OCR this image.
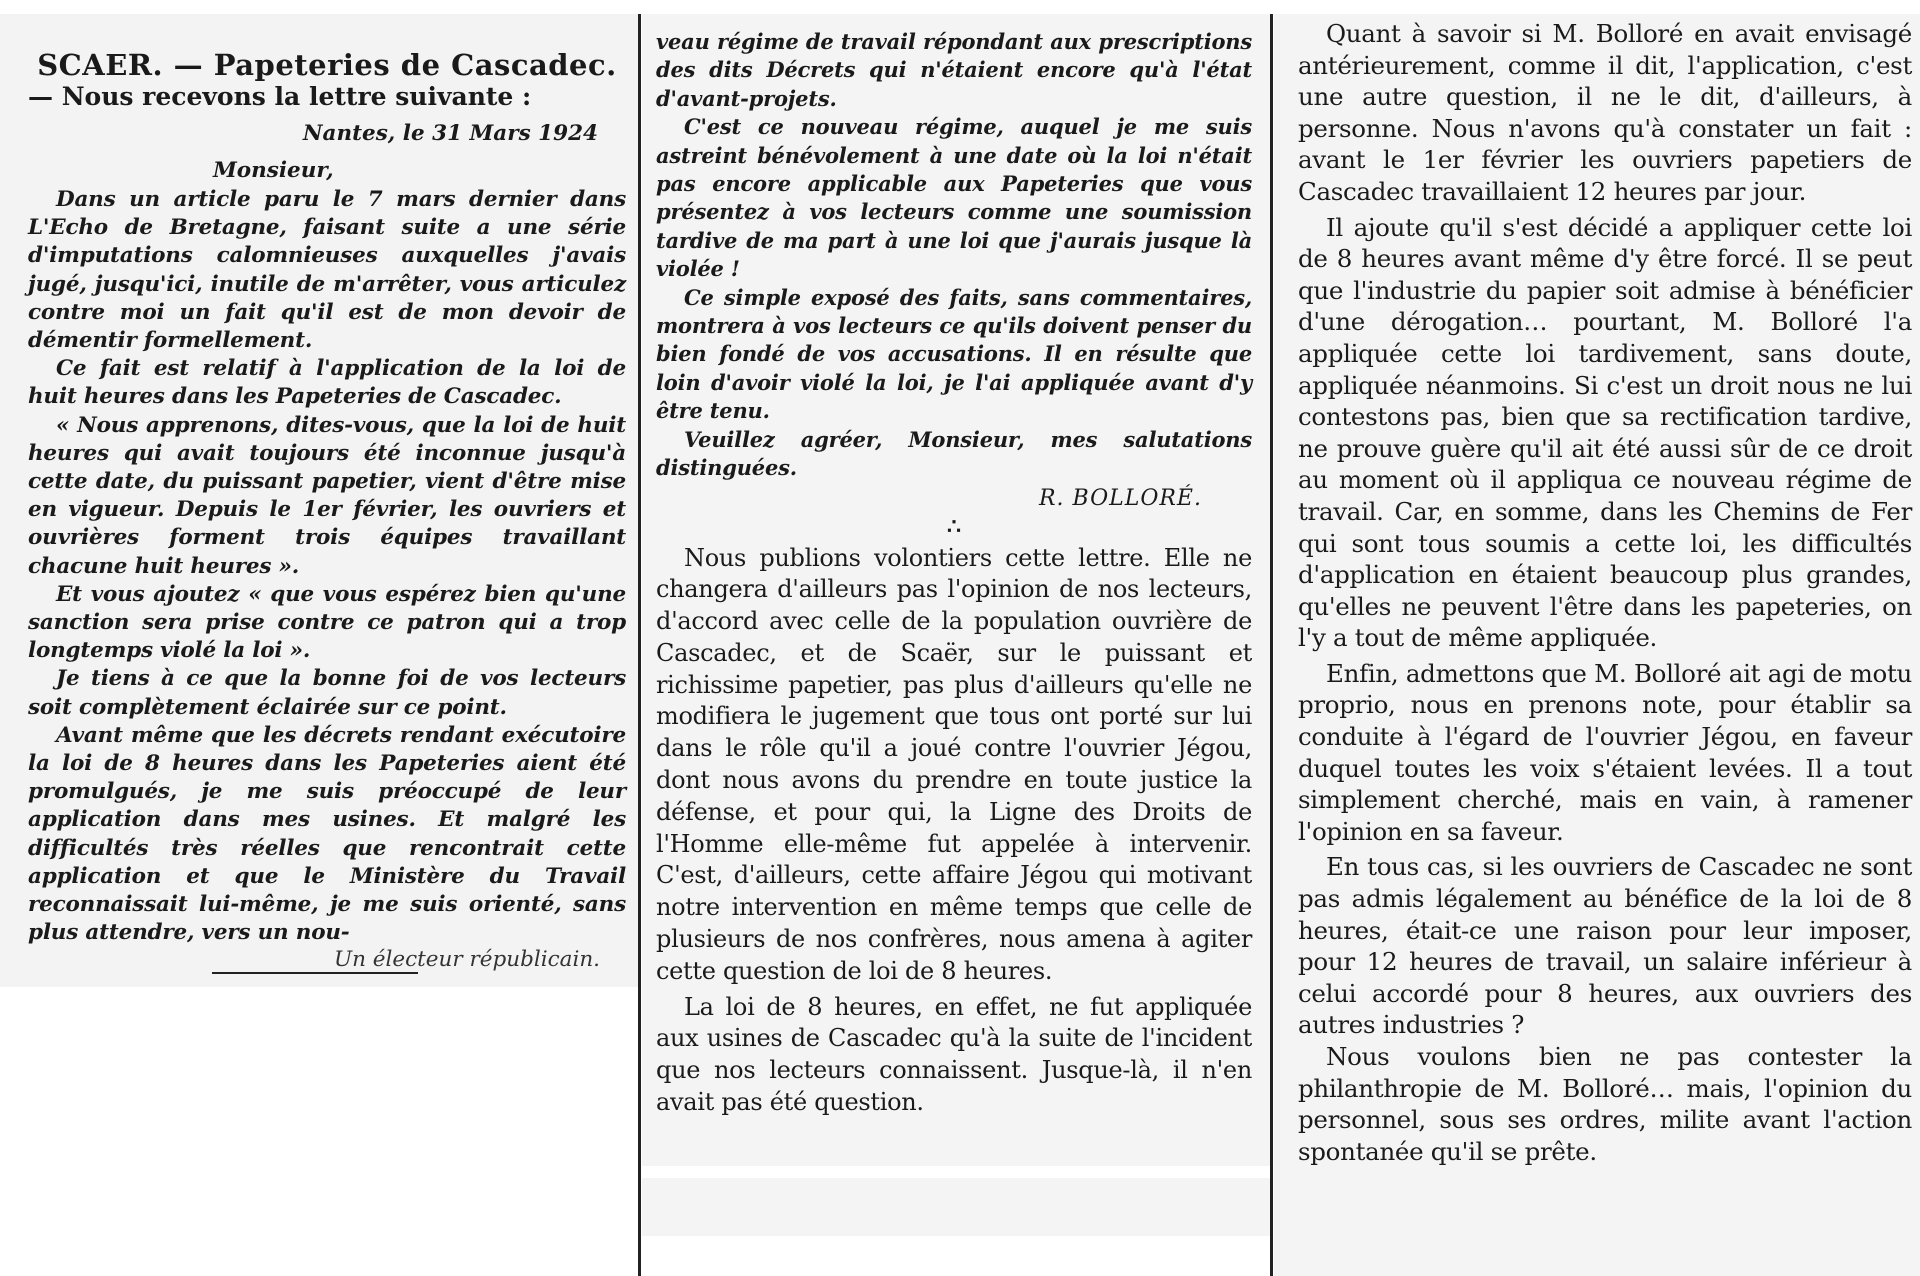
SCAER. — Papeteries de Cascadec.
— Nous recevons la lettre suivante :
Nantes, le 31 Mars 1924
Monsieur,

Dans un article paru le 7 mars dernier dans L'Echo de Bretagne, faisant suite a une série d'imputations calomnieuses auxquelles j'avais jugé, jusqu'ici, inutile de m'arrêter, vous articulez contre moi un fait qu'il est de mon devoir de démentir formellement.

Ce fait est relatif à l'application de la loi de huit heures dans les Papeteries de Cascadec.

« Nous apprenons, dites-vous, que la loi de huit heures qui avait toujours été inconnue jusqu'à cette date, du puissant papetier, vient d'être mise en vigueur. Depuis le 1er février, les ouvriers et ouvrières forment trois équipes travaillant chacune huit heures ».

Et vous ajoutez « que vous espérez bien qu'une sanction sera prise contre ce patron qui a trop longtemps violé la loi ».

Je tiens à ce que la bonne foi de vos lecteurs soit complètement éclairée sur ce point.

Avant même que les décrets rendant exécutoire la loi de 8 heures dans les Papeteries aient été promulgués, je me suis préoccupé de leur application dans mes usines. Et malgré les difficultés très réelles que rencontrait cette application et que le Ministère du Travail reconnaissait lui-même, je me suis orienté, sans plus attendre, vers un nou-

Un électeur républicain.

veau régime de travail répondant aux prescriptions des dits Décrets qui n'étaient encore qu'à l'état d'avant-projets.

C'est ce nouveau régime, auquel je me suis astreint bénévolement à une date où la loi n'était pas encore applicable aux Papeteries que vous présentez à vos lecteurs comme une soumission tardive de ma part à une loi que j'aurais jusque là violée !

Ce simple exposé des faits, sans commentaires, montrera à vos lecteurs ce qu'ils doivent penser du bien fondé de vos accusations. Il en résulte que loin d'avoir violé la loi, je l'ai appliquée avant d'y être tenu.

Veuillez agréer, Monsieur, mes salutations distinguées.

R. BOLLORÉ.
∴

Nous publions volontiers cette lettre. Elle ne changera d'ailleurs pas l'opinion de nos lecteurs, d'accord avec celle de la population ouvrière de Cascadec, et de Scaër, sur le puissant et richissime papetier, pas plus d'ailleurs qu'elle ne modifiera le jugement que tous ont porté sur lui dans le rôle qu'il a joué contre l'ouvrier Jégou, dont nous avons du prendre en toute justice la défense, et pour qui, la Ligne des Droits de l'Homme elle-même fut appelée à intervenir. C'est, d'ailleurs, cette affaire Jégou qui motivant notre intervention en même temps que celle de plusieurs de nos confrères, nous amena à agiter cette question de loi de 8 heures.

La loi de 8 heures, en effet, ne fut appliquée aux usines de Cascadec qu'à la suite de l'incident que nos lecteurs connaissent. Jusque-là, il n'en avait pas été question.

Quant à savoir si M. Bolloré en avait envisagé antérieurement, comme il dit, l'application, c'est une autre question, il ne le dit, d'ailleurs, à personne. Nous n'avons qu'à constater un fait : avant le 1er février les ouvriers papetiers de Cascadec travaillaient 12 heures par jour.

Il ajoute qu'il s'est décidé a appliquer cette loi de 8 heures avant même d'y être forcé. Il se peut que l'industrie du papier soit admise à bénéficier d'une dérogation… pourtant, M. Bolloré l'a appliquée cette loi tardivement, sans doute, appliquée néanmoins. Si c'est un droit nous ne lui contestons pas, bien que sa rectification tardive, ne prouve guère qu'il ait été aussi sûr de ce droit au moment où il appliqua ce nouveau régime de travail. Car, en somme, dans les Chemins de Fer qui sont tous soumis a cette loi, les difficultés d'application en étaient beaucoup plus grandes, qu'elles ne peuvent l'être dans les papeteries, on l'y a tout de même appliquée.

Enfin, admettons que M. Bolloré ait agi de motu proprio, nous en prenons note, pour établir sa conduite à l'égard de l'ouvrier Jégou, en faveur duquel toutes les voix s'étaient levées. Il a tout simplement cherché, mais en vain, à ramener l'opinion en sa faveur.

En tous cas, si les ouvriers de Cascadec ne sont pas admis légalement au bénéfice de la loi de 8 heures, était-ce une raison pour leur imposer, pour 12 heures de travail, un salaire inférieur à celui accordé pour 8 heures, aux ouvriers des autres industries ?

Nous voulons bien ne pas contester la philanthropie de M. Bolloré… mais, l'opinion du personnel, sous ses ordres, milite avant l'action spontanée qu'il se prête.
